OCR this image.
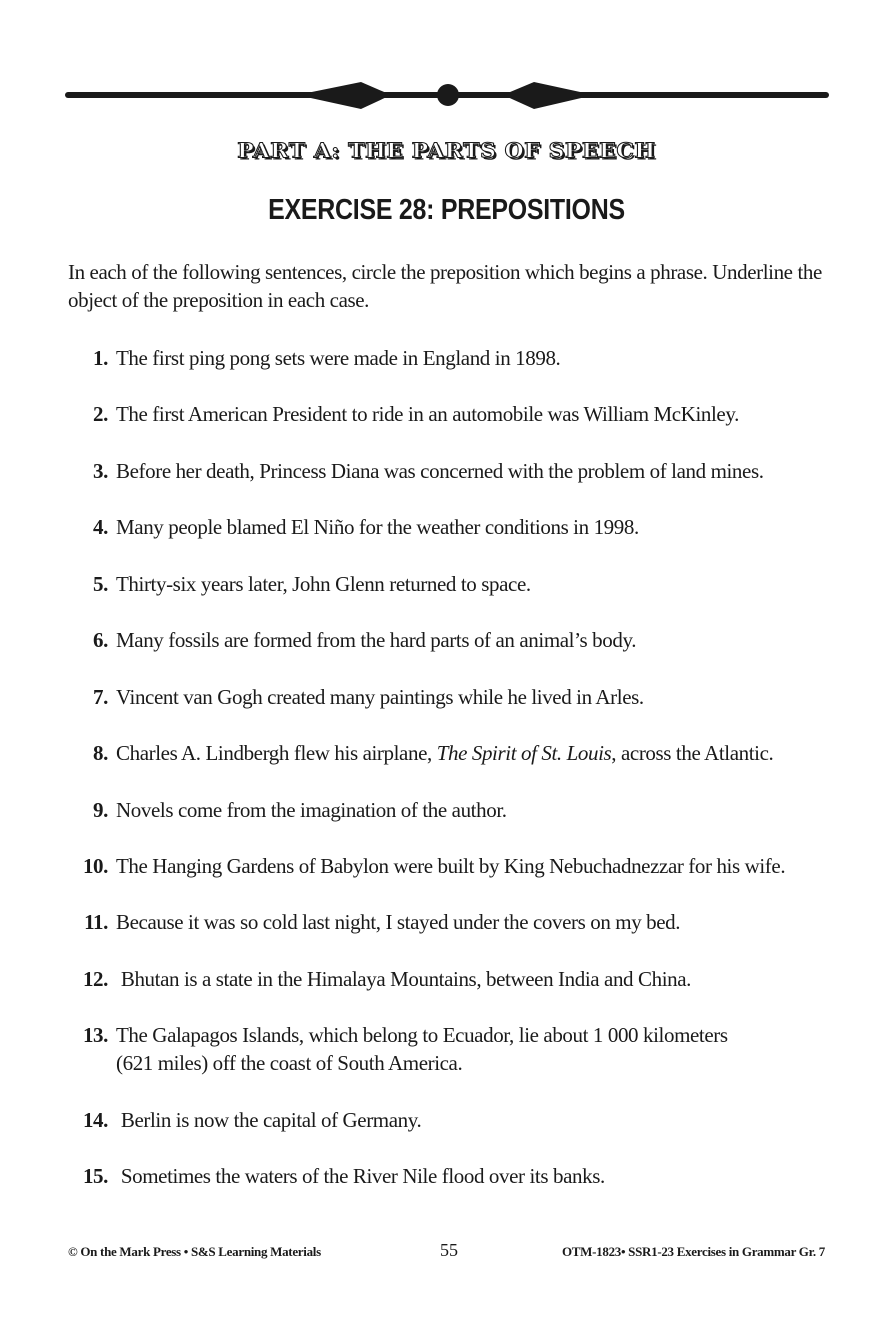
PART A: THE PARTS OF SPEECH
EXERCISE 28: PREPOSITIONS
In each of the following sentences, circle the preposition which begins a phrase. Underline the object of the preposition in each case.
1. The first ping pong sets were made in England in 1898.
2. The first American President to ride in an automobile was William McKinley.
3. Before her death, Princess Diana was concerned with the problem of land mines.
4. Many people blamed El Niño for the weather conditions in 1998.
5. Thirty-six years later, John Glenn returned to space.
6. Many fossils are formed from the hard parts of an animal’s body.
7. Vincent van Gogh created many paintings while he lived in Arles.
8. Charles A. Lindbergh flew his airplane, The Spirit of St. Louis, across the Atlantic.
9. Novels come from the imagination of the author.
10. The Hanging Gardens of Babylon were built by King Nebuchadnezzar for his wife.
11. Because it was so cold last night, I stayed under the covers on my bed.
12. Bhutan is a state in the Himalaya Mountains, between India and China.
13. The Galapagos Islands, which belong to Ecuador, lie about 1 000 kilometers
(621 miles) off the coast of South America.
14. Berlin is now the capital of Germany.
15. Sometimes the waters of the River Nile flood over its banks.
© On the Mark Press • S&S Learning Materials	55	OTM-1823• SSR1-23 Exercises in Grammar Gr. 7
